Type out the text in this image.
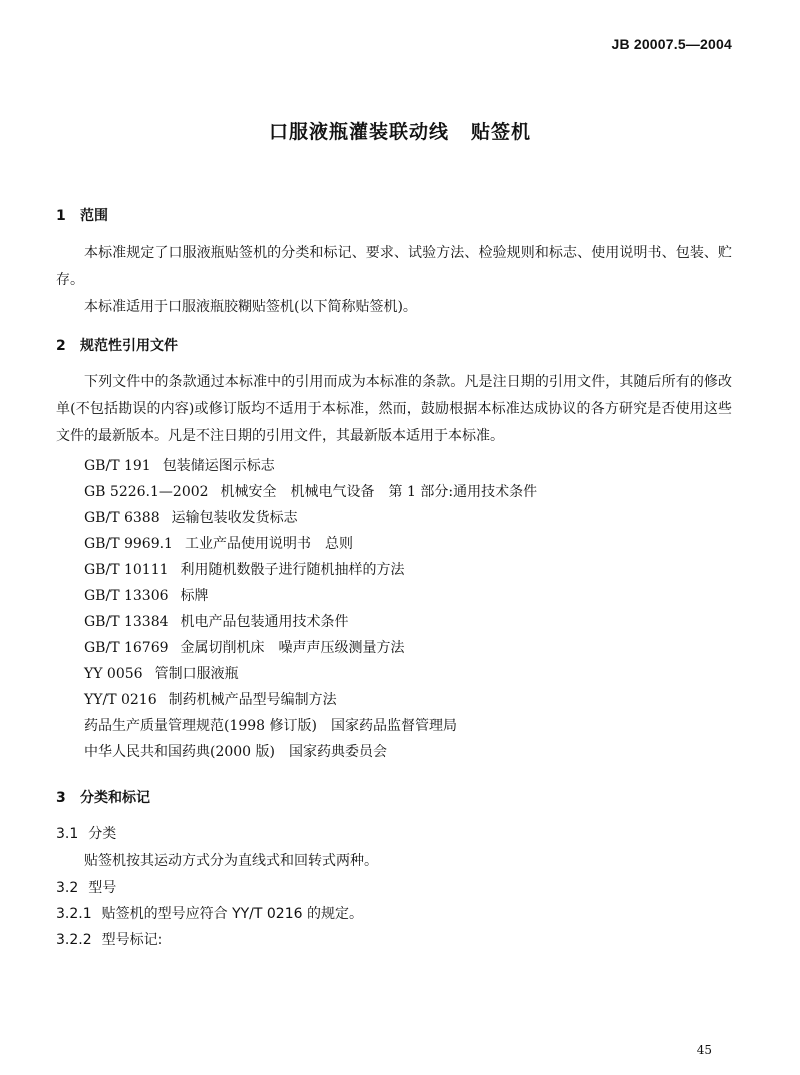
JB 20007.5—2004
口服液瓶灌装联动线 贴签机
1 范围
本标准规定了口服液瓶贴签机的分类和标记、要求、试验方法、检验规则和标志、使用说明书、包装、贮存。
本标准适用于口服液瓶胶糊贴签机(以下简称贴签机)。
2 规范性引用文件
下列文件中的条款通过本标准中的引用而成为本标准的条款。凡是注日期的引用文件，其随后所有的修改单(不包括勘误的内容)或修订版均不适用于本标准，然而，鼓励根据本标准达成协议的各方研究是否使用这些文件的最新版本。凡是不注日期的引用文件，其最新版本适用于本标准。
GB/T 191 包装储运图示标志
GB 5226.1—2002 机械安全　机械电气设备　第 1 部分:通用技术条件
GB/T 6388 运输包装收发货标志
GB/T 9969.1 工业产品使用说明书　总则
GB/T 10111 利用随机数骰子进行随机抽样的方法
GB/T 13306 标牌
GB/T 13384 机电产品包装通用技术条件
GB/T 16769 金属切削机床　噪声声压级测量方法
YY 0056 管制口服液瓶
YY/T 0216 制药机械产品型号编制方法
药品生产质量管理规范(1998 修订版)　国家药品监督管理局
中华人民共和国药典(2000 版)　国家药典委员会
3 分类和标记
3.1 分类
贴签机按其运动方式分为直线式和回转式两种。
3.2 型号
3.2.1 贴签机的型号应符合 YY/T 0216 的规定。
3.2.2 型号标记:
45
